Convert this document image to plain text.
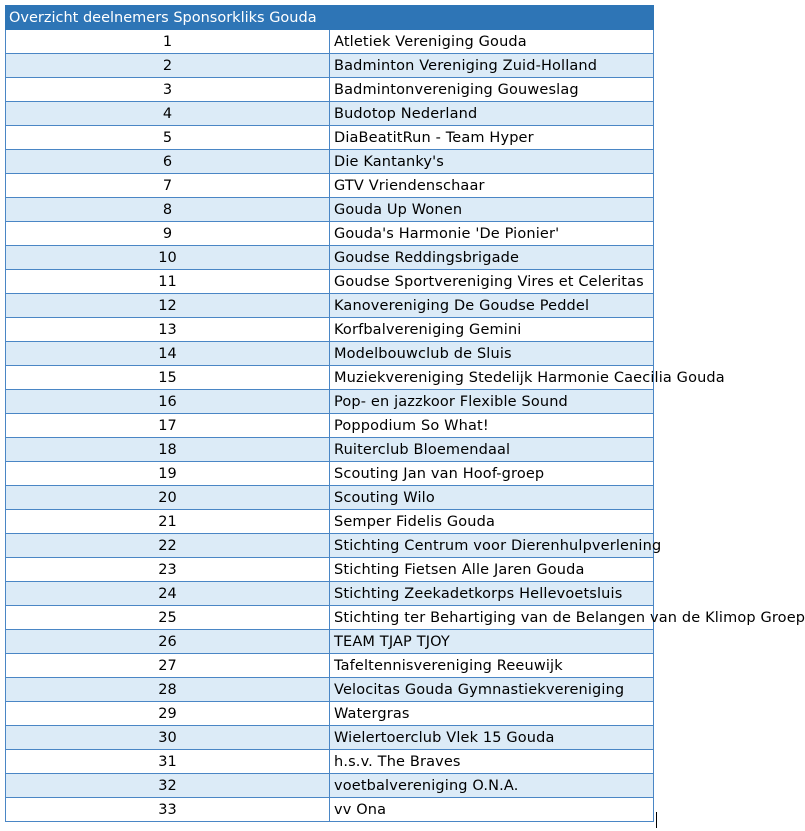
Overzicht deelnemers Sponsorkliks Gouda	
1	Atletiek Vereniging Gouda
2	Badminton Vereniging Zuid-Holland
3	Badmintonvereniging Gouweslag
4	Budotop Nederland
5	DiaBeatitRun - Team Hyper
6	Die Kantanky's
7	GTV Vriendenschaar
8	Gouda Up Wonen
9	Gouda's Harmonie 'De Pionier'
10	Goudse Reddingsbrigade
11	Goudse Sportvereniging Vires et Celeritas
12	Kanovereniging De Goudse Peddel
13	Korfbalvereniging Gemini
14	Modelbouwclub de Sluis
15	Muziekvereniging Stedelijk Harmonie Caecilia Gouda
16	Pop- en jazzkoor Flexible Sound
17	Poppodium So What!
18	Ruiterclub Bloemendaal
19	Scouting Jan van Hoof-groep
20	Scouting Wilo
21	Semper Fidelis Gouda
22	Stichting Centrum voor Dierenhulpverlening
23	Stichting Fietsen Alle Jaren Gouda
24	Stichting Zeekadetkorps Hellevoetsluis
25	Stichting ter Behartiging van de Belangen van de Klimop Groep
26	TEAM TJAP TJOY
27	Tafeltennisvereniging Reeuwijk
28	Velocitas Gouda Gymnastiekvereniging
29	Watergras
30	Wielertoerclub Vlek 15 Gouda
31	h.s.v. The Braves
32	voetbalvereniging O.N.A.
33	vv Ona
